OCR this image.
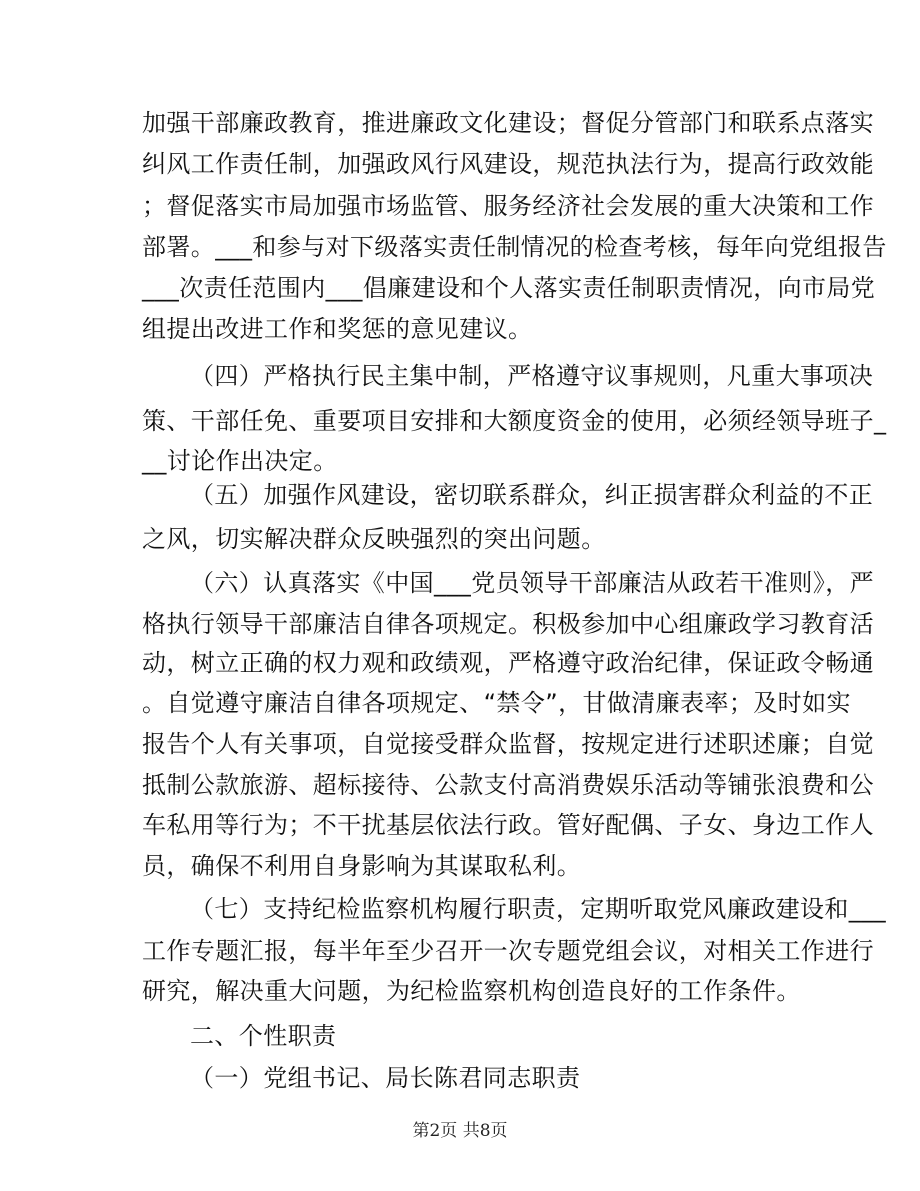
加强干部廉政教育，推进廉政文化建设；督促分管部门和联系点落实
纠风工作责任制，加强政风行风建设，规范执法行为，提高行政效能
；督促落实市局加强市场监管、服务经济社会发展的重大决策和工作
部署。___和参与对下级落实责任制情况的检查考核，每年向党组报告
___次责任范围内___倡廉建设和个人落实责任制职责情况，向市局党
组提出改进工作和奖惩的意见建议。
（四）严格执行民主集中制，严格遵守议事规则，凡重大事项决
策、干部任免、重要项目安排和大额度资金的使用，必须经领导班子_
__讨论作出决定。
（五）加强作风建设，密切联系群众，纠正损害群众利益的不正
之风，切实解决群众反映强烈的突出问题。
（六）认真落实《中国___党员领导干部廉洁从政若干准则》，严
格执行领导干部廉洁自律各项规定。积极参加中心组廉政学习教育活
动，树立正确的权力观和政绩观，严格遵守政治纪律，保证政令畅通
。自觉遵守廉洁自律各项规定、“禁令”，甘做清廉表率；及时如实
报告个人有关事项，自觉接受群众监督，按规定进行述职述廉；自觉
抵制公款旅游、超标接待、公款支付高消费娱乐活动等铺张浪费和公
车私用等行为；不干扰基层依法行政。管好配偶、子女、身边工作人
员，确保不利用自身影响为其谋取私利。
（七）支持纪检监察机构履行职责，定期听取党风廉政建设和___
工作专题汇报，每半年至少召开一次专题党组会议，对相关工作进行
研究，解决重大问题，为纪检监察机构创造良好的工作条件。
二、个性职责
（一）党组书记、局长陈君同志职责
第2页 共8页
